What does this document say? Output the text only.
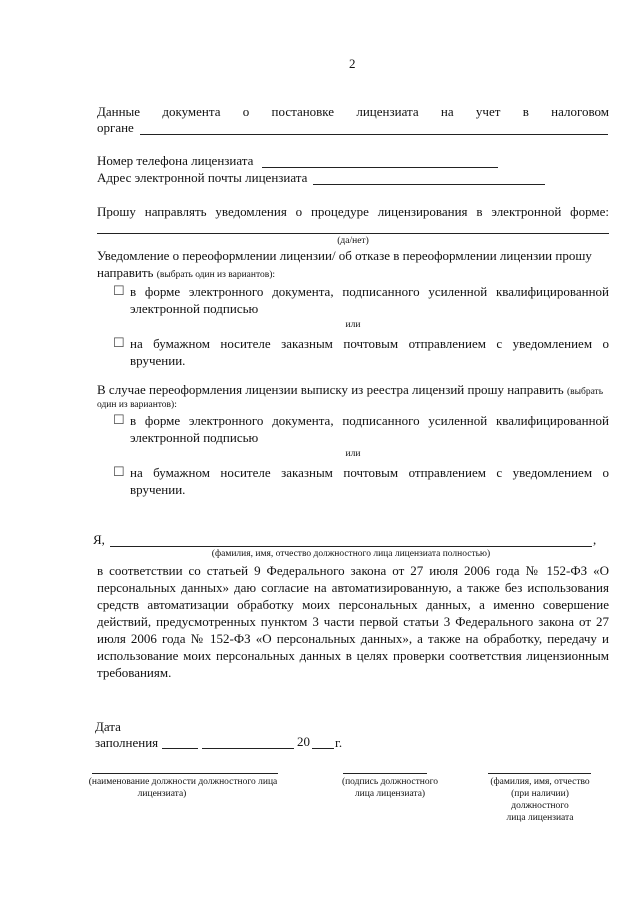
2
Данные документа о постановке лицензиата на учет в налоговом
органе
Номер телефона лицензиата
Адрес электронной почты лицензиата
Прошу направлять уведомления о процедуре лицензирования в электронной форме:
(да/нет)
Уведомление о переоформлении лицензии/ об отказе в переоформлении лицензии прошу
направить (выбрать один из вариантов):
☐ в форме электронного документа, подписанного усиленной квалифицированной
электронной подписью
или
☐ на бумажном носителе заказным почтовым отправлением с уведомлением о
вручении.
В случае переоформления лицензии выписку из реестра лицензий прошу направить (выбрать
один из вариантов):
☐ в форме электронного документа, подписанного усиленной квалифицированной
электронной подписью
или
☐ на бумажном носителе заказным почтовым отправлением с уведомлением о
вручении.
Я,	,
(фамилия, имя, отчество должностного лица лицензиата полностью)
в соответствии со статьей 9 Федерального закона от 27 июля 2006 года № 152-ФЗ «О
персональных данных» даю согласие на автоматизированную, а также без использования
средств автоматизации обработку моих персональных данных, а именно совершение
действий, предусмотренных пунктом 3 части первой статьи 3 Федерального закона от 27
июля 2006 года № 152-ФЗ «О персональных данных», а также на обработку, передачу и
использование моих персональных данных в целях проверки соответствия лицензионным
требованиям.
Дата
заполнения	20 г.
(наименование должности должностного лица
лицензиата)
(подпись должностного
лица лицензиата)
(фамилия, имя, отчество
(при наличии)
должностного
лица лицензиата
